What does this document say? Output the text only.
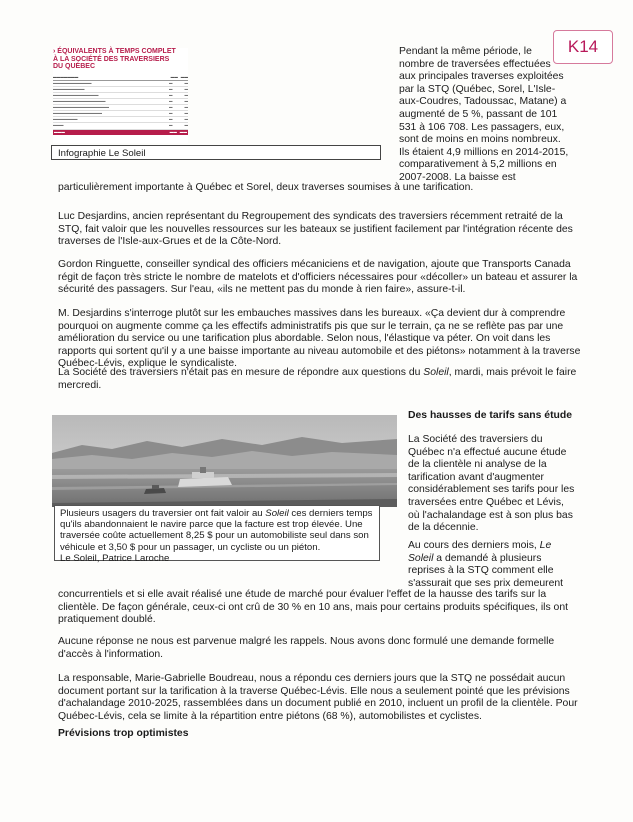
K14
› ÉQUIVALENTS À TEMPS COMPLET
À LA SOCIÉTÉ DES TRAVERSIERS
DU QUÉBEC
▬▬▬▬▬▬▬	▬▬   ▬▬
▬▬▬▬▬▬▬▬▬▬▬	▬	▬
▬▬▬▬▬▬▬▬▬	▬	▬
▬▬▬▬▬▬▬▬▬▬▬▬▬	▬	▬
▬▬▬▬▬▬▬▬▬▬▬▬▬▬▬	▬	▬
▬▬▬▬▬▬▬▬▬▬▬▬▬▬▬▬	▬	▬
▬▬▬▬▬▬▬▬▬▬▬▬▬▬	▬	▬
▬▬▬▬▬▬▬	▬	▬
▬▬▬	▬	▬
▬▬▬	▬▬   ▬▬
Infographie Le Soleil
Pendant la même période, le
nombre de traversées effectuées
aux principales traverses exploitées
par la STQ (Québec, Sorel, L'Isle-
aux-Coudres, Tadoussac, Matane) a
augmenté de 5 %, passant de 101
531 à 106 708. Les passagers, eux,
sont de moins en moins nombreux.
Ils étaient 4,9 millions en 2014-2015,
comparativement à 5,2 millions en
2007-2008. La baisse est
particulièrement importante à Québec et Sorel, deux traverses soumises à une tarification.
Luc Desjardins, ancien représentant du Regroupement des syndicats des traversiers récemment retraité de la
STQ, fait valoir que les nouvelles ressources sur les bateaux se justifient facilement par l'intégration récente des
traverses de l'Isle-aux-Grues et de la Côte-Nord.
Gordon Ringuette, conseiller syndical des officiers mécaniciens et de navigation, ajoute que Transports Canada
régit de façon très stricte le nombre de matelots et d'officiers nécessaires pour «décoller» un bateau et assurer la
sécurité des passagers. Sur l'eau, «ils ne mettent pas du monde à rien faire», assure-t-il.
M. Desjardins s'interroge plutôt sur les embauches massives dans les bureaux. «Ça devient dur à comprendre
pourquoi on augmente comme ça les effectifs administratifs pis que sur le terrain, ça ne se reflète pas par une
amélioration du service ou une tarification plus abordable. Selon nous, l'élastique va péter. On voit dans les
rapports qui sortent qu'il y a une baisse importante au niveau automobile et des piétons» notamment à la traverse
Québec-Lévis, explique le syndicaliste.
La Société des traversiers n'était pas en mesure de répondre aux questions du Soleil, mardi, mais prévoit le faire
mercredi.
Plusieurs usagers du traversier ont fait valoir au Soleil ces derniers temps
qu'ils abandonnaient le navire parce que la facture est trop élevée. Une
traversée coûte actuellement 8,25 $ pour un automobiliste seul dans son
véhicule et 3,50 $ pour un passager, un cycliste ou un piéton.
Le Soleil, Patrice Laroche
Des hausses de tarifs sans étude
La Société des traversiers du
Québec n'a effectué aucune étude
de la clientèle ni analyse de la
tarification avant d'augmenter
considérablement ses tarifs pour les
traversées entre Québec et Lévis,
où l'achalandage est à son plus bas
de la décennie.
Au cours des derniers mois, Le
Soleil a demandé à plusieurs
reprises à la STQ comment elle
s'assurait que ses prix demeurent
concurrentiels et si elle avait réalisé une étude de marché pour évaluer l'effet de la hausse des tarifs sur la
clientèle. De façon générale, ceux-ci ont crû de 30 % en 10 ans, mais pour certains produits spécifiques, ils ont
pratiquement doublé.
Aucune réponse ne nous est parvenue malgré les rappels. Nous avons donc formulé une demande formelle
d'accès à l'information.
La responsable, Marie-Gabrielle Boudreau, nous a répondu ces derniers jours que la STQ ne possédait aucun
document portant sur la tarification à la traverse Québec-Lévis. Elle nous a seulement pointé que les prévisions
d'achalandage 2010-2025, rassemblées dans un document publié en 2010, incluent un profil de la clientèle. Pour
Québec-Lévis, cela se limite à la répartition entre piétons (68 %), automobilistes et cyclistes.
Prévisions trop optimistes
